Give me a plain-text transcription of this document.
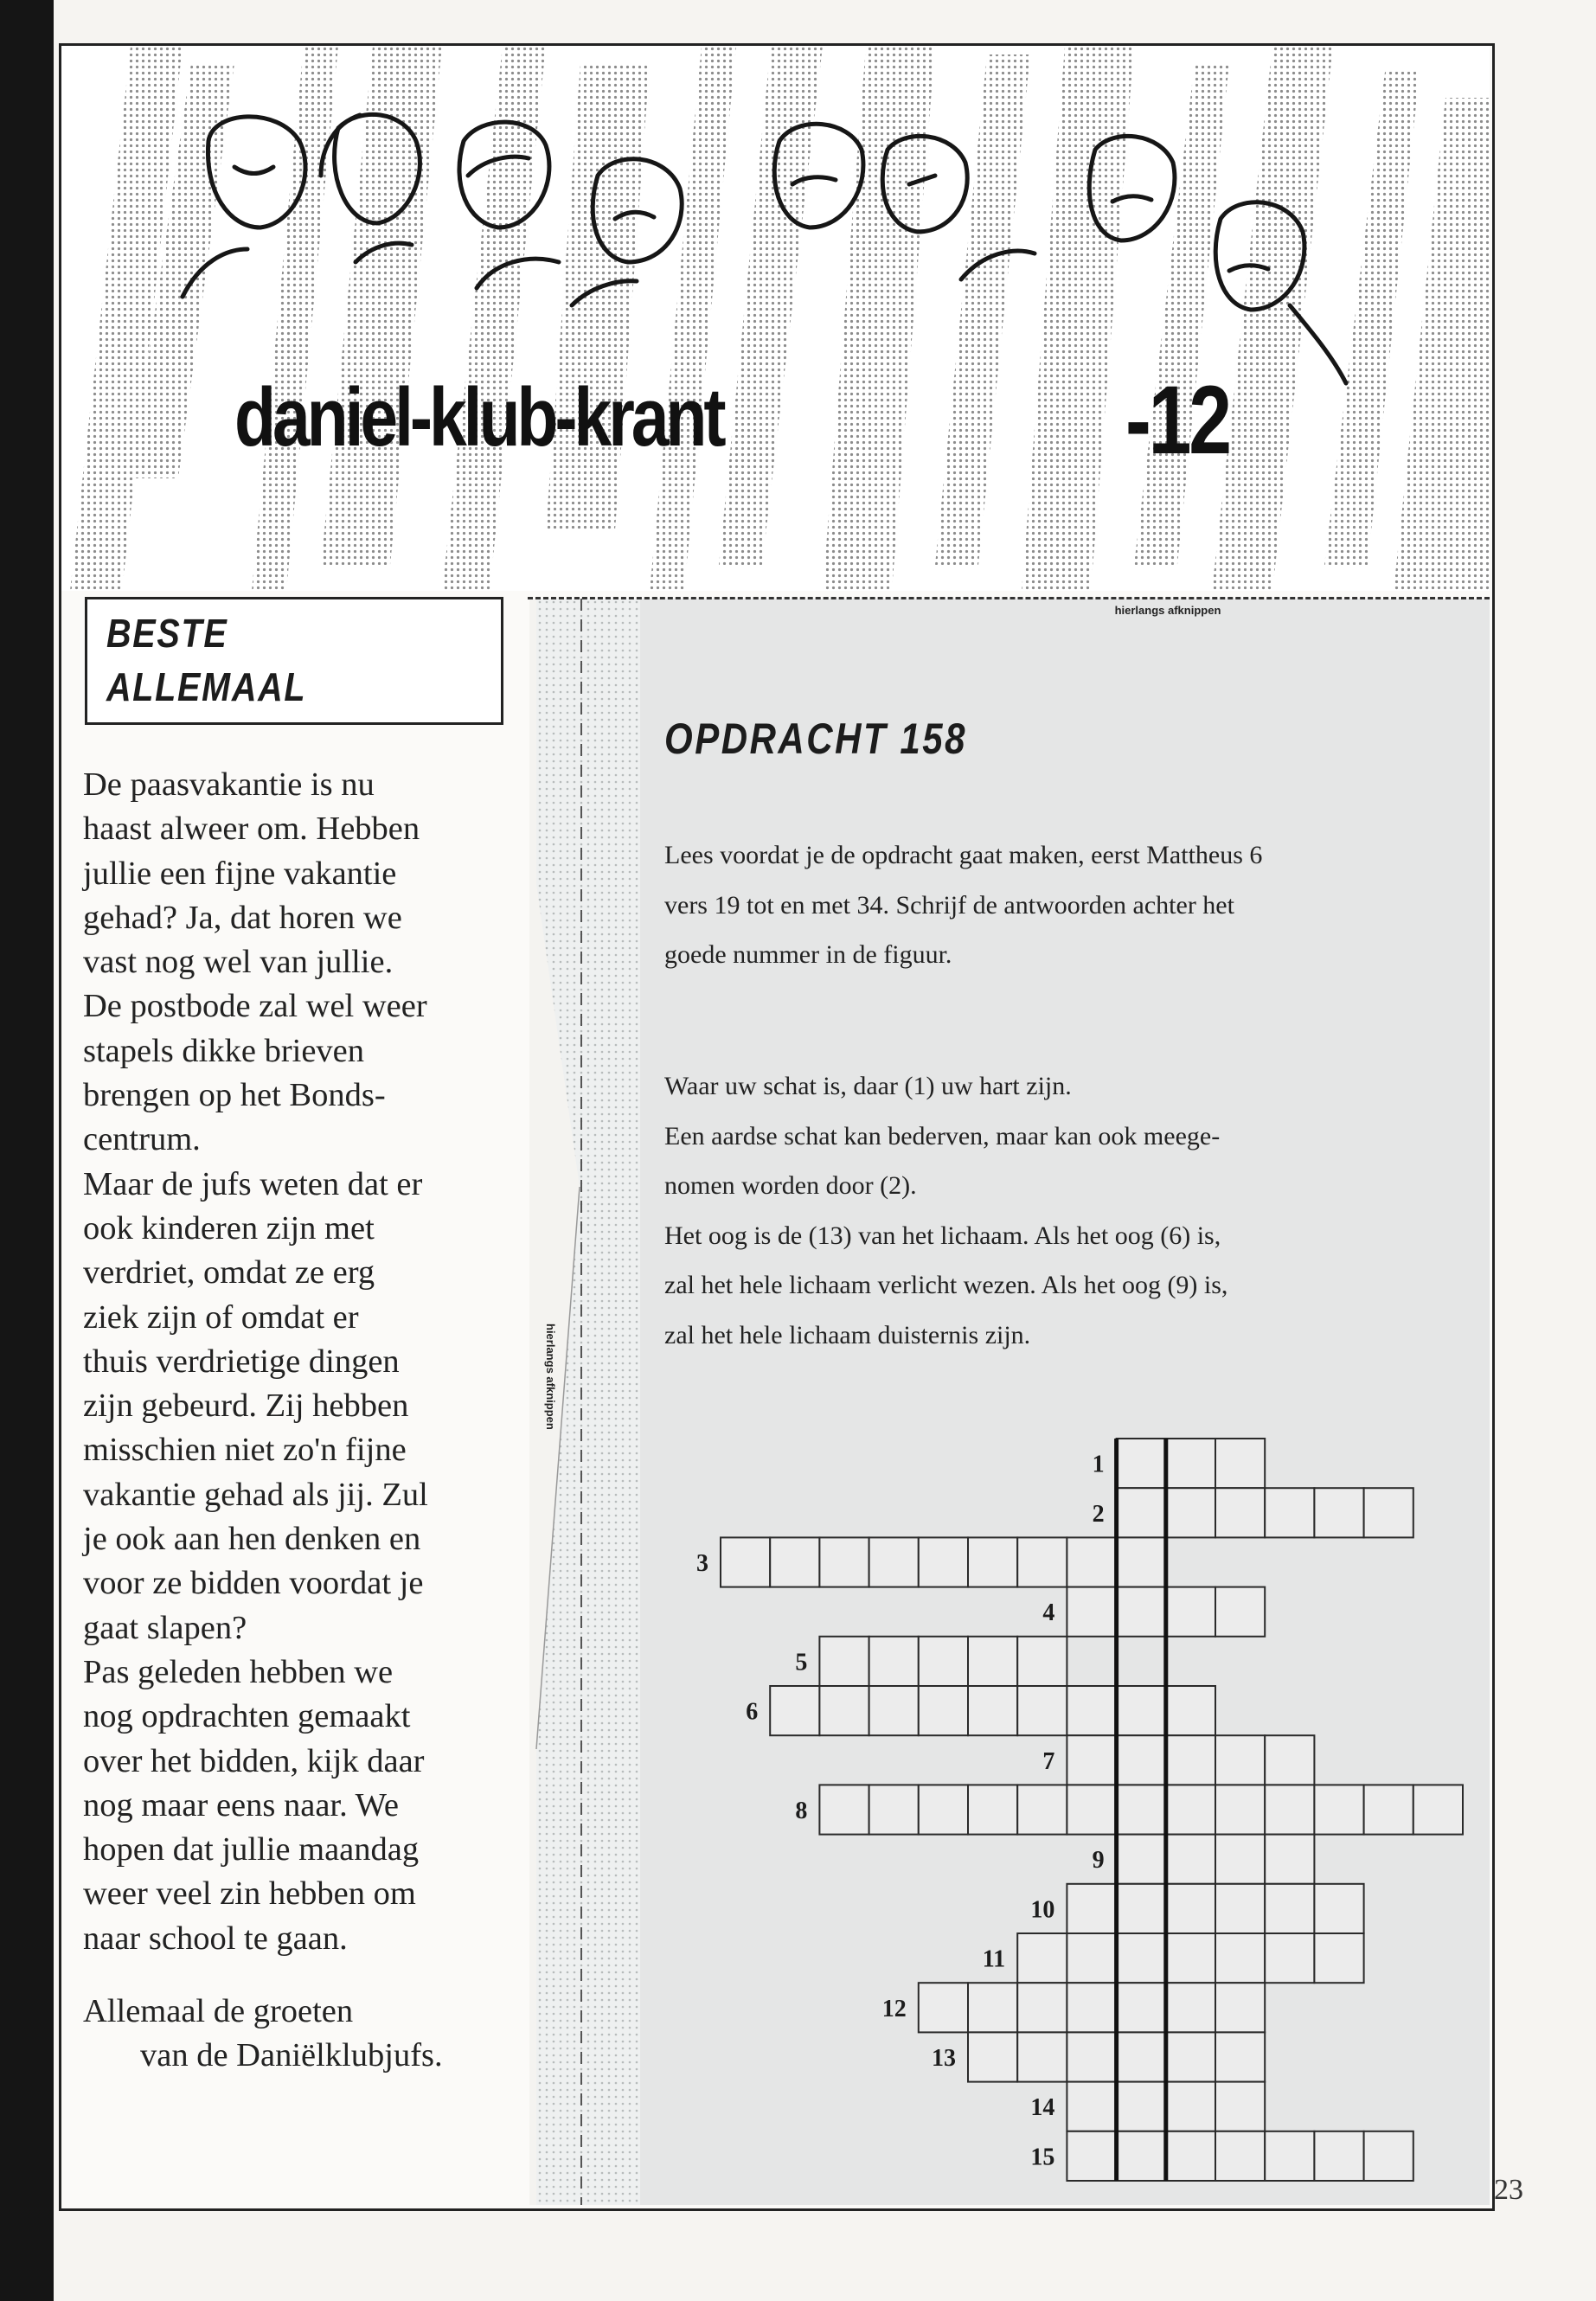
daniel-klub-krant	-12
BESTE
ALLEMAAL

De paasvakantie is nu
haast alweer om. Hebben
jullie een fijne vakantie
gehad? Ja, dat horen we
vast nog wel van jullie.
De postbode zal wel weer
stapels dikke brieven
brengen op het Bonds-
centrum.
Maar de jufs weten dat er
ook kinderen zijn met
verdriet, omdat ze erg
ziek zijn of omdat er
thuis verdrietige dingen
zijn gebeurd. Zij hebben
misschien niet zo'n fijne
vakantie gehad als jij. Zul
je ook aan hen denken en
voor ze bidden voordat je
gaat slapen?
Pas geleden hebben we
nog opdrachten gemaakt
over het bidden, kijk daar
nog maar eens naar. We
hopen dat jullie maandag
weer veel zin hebben om
naar school te gaan.

Allemaal de groeten
van de Daniëlklubjufs.

hierlangs afknippen

hierlangs afknippen

OPDRACHT 158

Lees voordat je de opdracht gaat maken, eerst Mattheus 6
vers 19 tot en met 34. Schrijf de antwoorden achter het
goede nummer in de figuur.

Waar uw schat is, daar (1) uw hart zijn.
Een aardse schat kan bederven, maar kan ook meege-
nomen worden door (2).
Het oog is de (13) van het lichaam. Als het oog (6) is,
zal het hele lichaam verlicht wezen. Als het oog (9) is,
zal het hele lichaam duisternis zijn.

1
2
3
4
5
6
7
8
9
10
11
12
13
14
15

23
